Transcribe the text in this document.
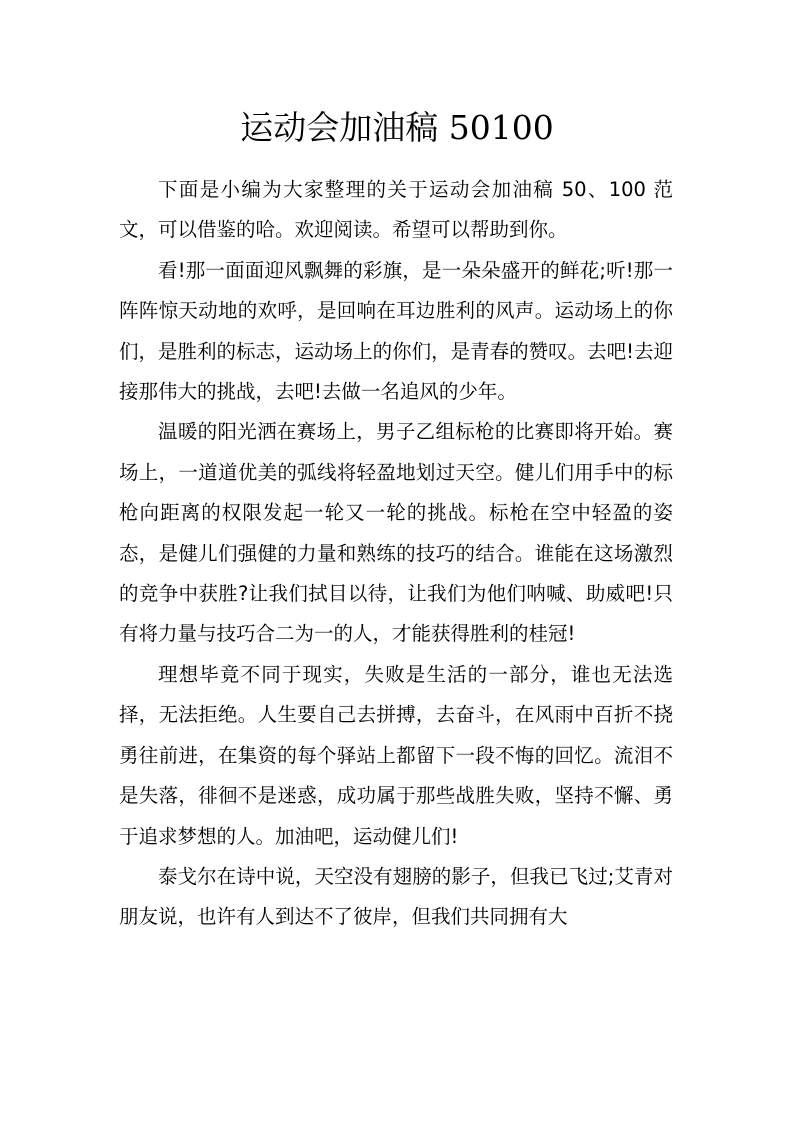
运动会加油稿 50100

下面是小编为大家整理的关于运动会加油稿 50、100 范文，可以借鉴的哈。欢迎阅读。希望可以帮助到你。

看!那一面面迎风飘舞的彩旗，是一朵朵盛开的鲜花;听!那一阵阵惊天动地的欢呼，是回响在耳边胜利的风声。运动场上的你们，是胜利的标志，运动场上的你们，是青春的赞叹。去吧!去迎接那伟大的挑战，去吧!去做一名追风的少年。

温暖的阳光洒在赛场上，男子乙组标枪的比赛即将开始。赛场上，一道道优美的弧线将轻盈地划过天空。健儿们用手中的标枪向距离的权限发起一轮又一轮的挑战。标枪在空中轻盈的姿态，是健儿们强健的力量和熟练的技巧的结合。谁能在这场激烈的竞争中获胜?让我们拭目以待，让我们为他们呐喊、助威吧!只有将力量与技巧合二为一的人，才能获得胜利的桂冠!

理想毕竟不同于现实，失败是生活的一部分，谁也无法选择，无法拒绝。人生要自己去拼搏，去奋斗，在风雨中百折不挠勇往前进，在集资的每个驿站上都留下一段不悔的回忆。流泪不是失落，徘徊不是迷惑，成功属于那些战胜失败，坚持不懈、勇于追求梦想的人。加油吧，运动健儿们!

泰戈尔在诗中说，天空没有翅膀的影子，但我已飞过;艾青对朋友说，也许有人到达不了彼岸，但我们共同拥有大
